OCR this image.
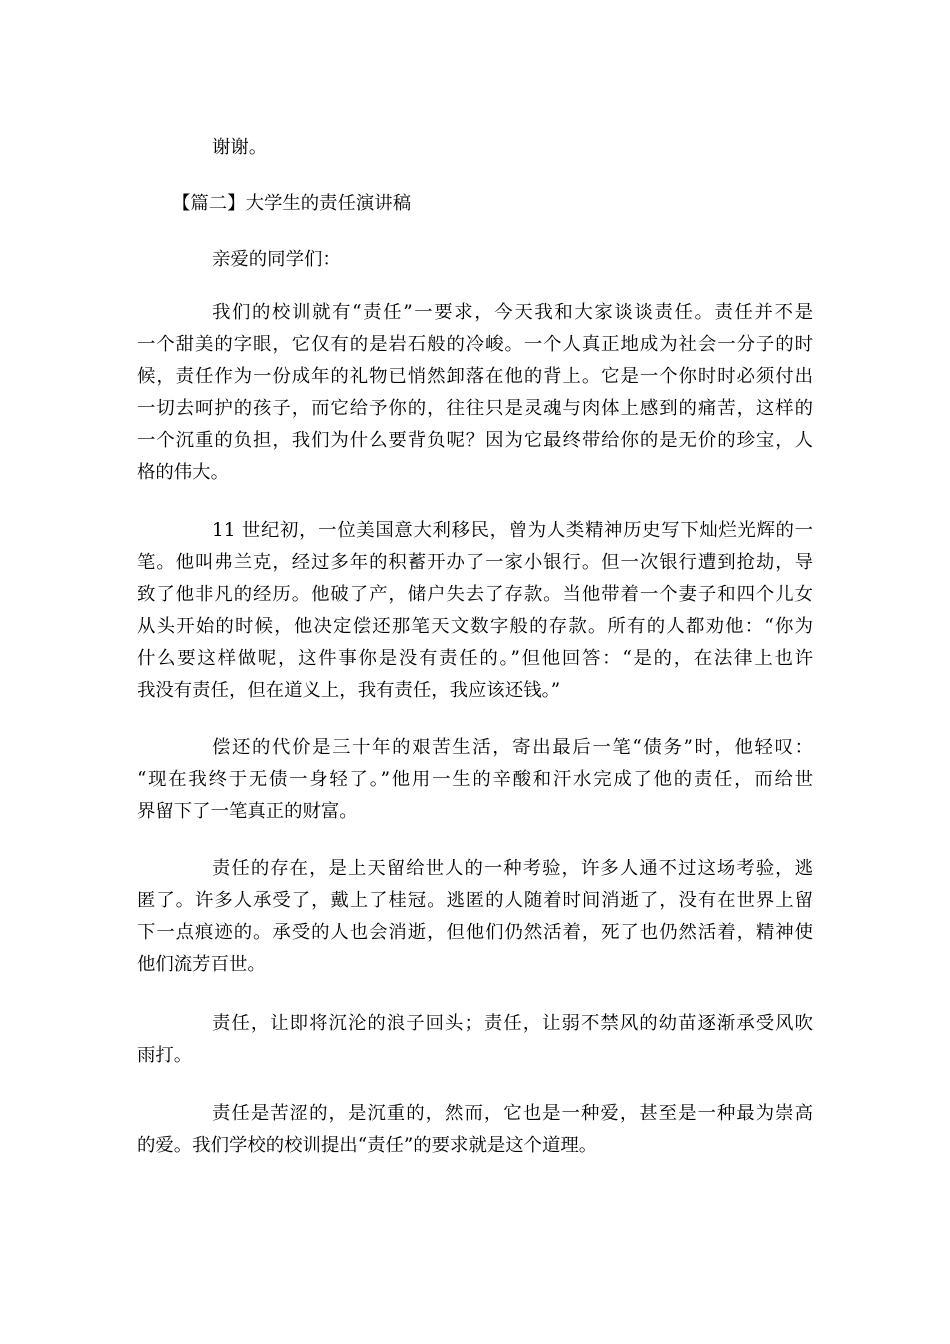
谢谢。
【篇二】大学生的责任演讲稿
亲爱的同学们：
我们的校训就有“责任”一要求，今天我和大家谈谈责任。责任并不是
一个甜美的字眼，它仅有的是岩石般的冷峻。一个人真正地成为社会一分子的时
候，责任作为一份成年的礼物已悄然卸落在他的背上。它是一个你时时必须付出
一切去呵护的孩子，而它给予你的，往往只是灵魂与肉体上感到的痛苦，这样的
一个沉重的负担，我们为什么要背负呢？因为它最终带给你的是无价的珍宝，人
格的伟大。
11 世纪初，一位美国意大利移民，曾为人类精神历史写下灿烂光辉的一
笔。他叫弗兰克，经过多年的积蓄开办了一家小银行。但一次银行遭到抢劫，导
致了他非凡的经历。他破了产，储户失去了存款。当他带着一个妻子和四个儿女
从头开始的时候，他决定偿还那笔天文数字般的存款。所有的人都劝他：“你为
什么要这样做呢，这件事你是没有责任的。”但他回答：“是的，在法律上也许
我没有责任，但在道义上，我有责任，我应该还钱。”
偿还的代价是三十年的艰苦生活，寄出最后一笔“债务”时，他轻叹：
“现在我终于无债一身轻了。”他用一生的辛酸和汗水完成了他的责任，而给世
界留下了一笔真正的财富。
责任的存在，是上天留给世人的一种考验，许多人通不过这场考验，逃
匿了。许多人承受了，戴上了桂冠。逃匿的人随着时间消逝了，没有在世界上留
下一点痕迹的。承受的人也会消逝，但他们仍然活着，死了也仍然活着，精神使
他们流芳百世。
责任，让即将沉沦的浪子回头；责任，让弱不禁风的幼苗逐渐承受风吹
雨打。
责任是苦涩的，是沉重的，然而，它也是一种爱，甚至是一种最为崇高
的爱。我们学校的校训提出“责任”的要求就是这个道理。
